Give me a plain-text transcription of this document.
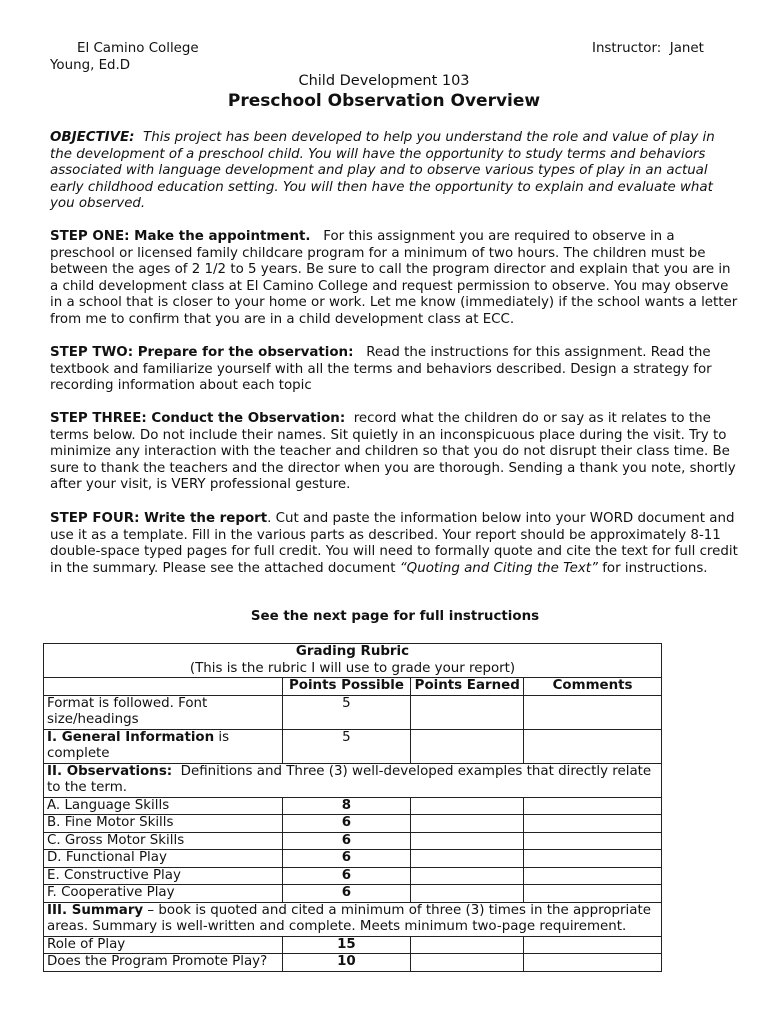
El Camino College
Young, Ed.D
Instructor: Janet
Child Development 103
Preschool Observation Overview
OBJECTIVE: This project has been developed to help you understand the role and value of play in the development of a preschool child. You will have the opportunity to study terms and behaviors associated with language development and play and to observe various types of play in an actual early childhood education setting. You will then have the opportunity to explain and evaluate what you observed.
STEP ONE: Make the appointment. For this assignment you are required to observe in a preschool or licensed family childcare program for a minimum of two hours. The children must be between the ages of 2 1/2 to 5 years. Be sure to call the program director and explain that you are in a child development class at El Camino College and request permission to observe. You may observe in a school that is closer to your home or work. Let me know (immediately) if the school wants a letter from me to confirm that you are in a child development class at ECC.
STEP TWO: Prepare for the observation: Read the instructions for this assignment. Read the textbook and familiarize yourself with all the terms and behaviors described. Design a strategy for recording information about each topic
STEP THREE: Conduct the Observation: record what the children do or say as it relates to the terms below. Do not include their names. Sit quietly in an inconspicuous place during the visit. Try to minimize any interaction with the teacher and children so that you do not disrupt their class time. Be sure to thank the teachers and the director when you are thorough. Sending a thank you note, shortly after your visit, is VERY professional gesture.
STEP FOUR: Write the report. Cut and paste the information below into your WORD document and use it as a template. Fill in the various parts as described. Your report should be approximately 8-11 double-space typed pages for full credit. You will need to formally quote and cite the text for full credit in the summary. Please see the attached document “Quoting and Citing the Text” for instructions.
See the next page for full instructions
Grading Rubric
(This is the rubric I will use to grade your report)			

	Points Possible	Points Earned	Comments
Format is followed. Font size/headings	5		
I. General Information is complete	5		
II. Observations: Definitions and Three (3) well-developed examples that directly relate to the term.			
A. Language Skills	8		
B. Fine Motor Skills	6		
C. Gross Motor Skills	6		
D. Functional Play	6		
E. Constructive Play	6		
F. Cooperative Play	6		
III. Summary – book is quoted and cited a minimum of three (3) times in the appropriate areas. Summary is well-written and complete. Meets minimum two-page requirement.			
Role of Play	15		
Does the Program Promote Play?	10		
